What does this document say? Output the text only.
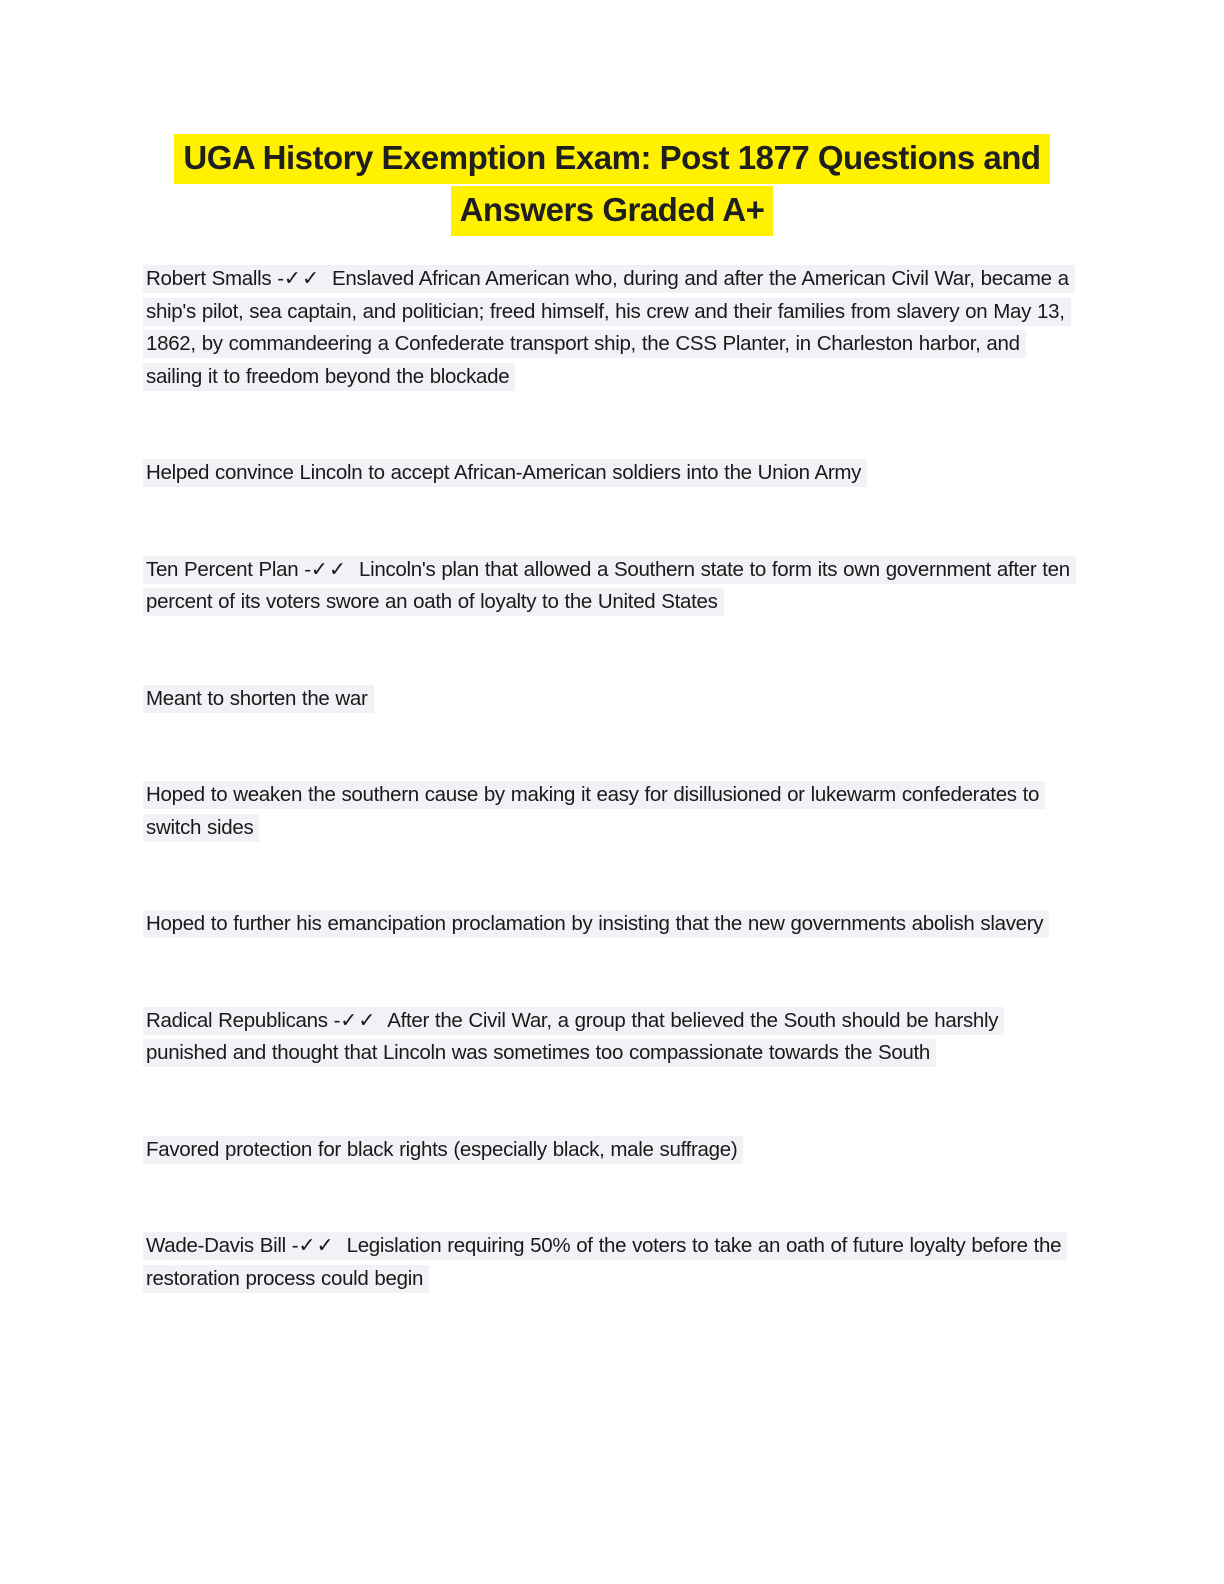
UGA History Exemption Exam: Post 1877 Questions and Answers Graded A+

Robert Smalls -✓✓ Enslaved African American who, during and after the American Civil War, became a ship's pilot, sea captain, and politician; freed himself, his crew and their families from slavery on May 13, 1862, by commandeering a Confederate transport ship, the CSS Planter, in Charleston harbor, and sailing it to freedom beyond the blockade

Helped convince Lincoln to accept African-American soldiers into the Union Army

Ten Percent Plan -✓✓ Lincoln's plan that allowed a Southern state to form its own government after ten percent of its voters swore an oath of loyalty to the United States

Meant to shorten the war

Hoped to weaken the southern cause by making it easy for disillusioned or lukewarm confederates to switch sides

Hoped to further his emancipation proclamation by insisting that the new governments abolish slavery

Radical Republicans -✓✓ After the Civil War, a group that believed the South should be harshly punished and thought that Lincoln was sometimes too compassionate towards the South

Favored protection for black rights (especially black, male suffrage)

Wade-Davis Bill -✓✓ Legislation requiring 50% of the voters to take an oath of future loyalty before the restoration process could begin
